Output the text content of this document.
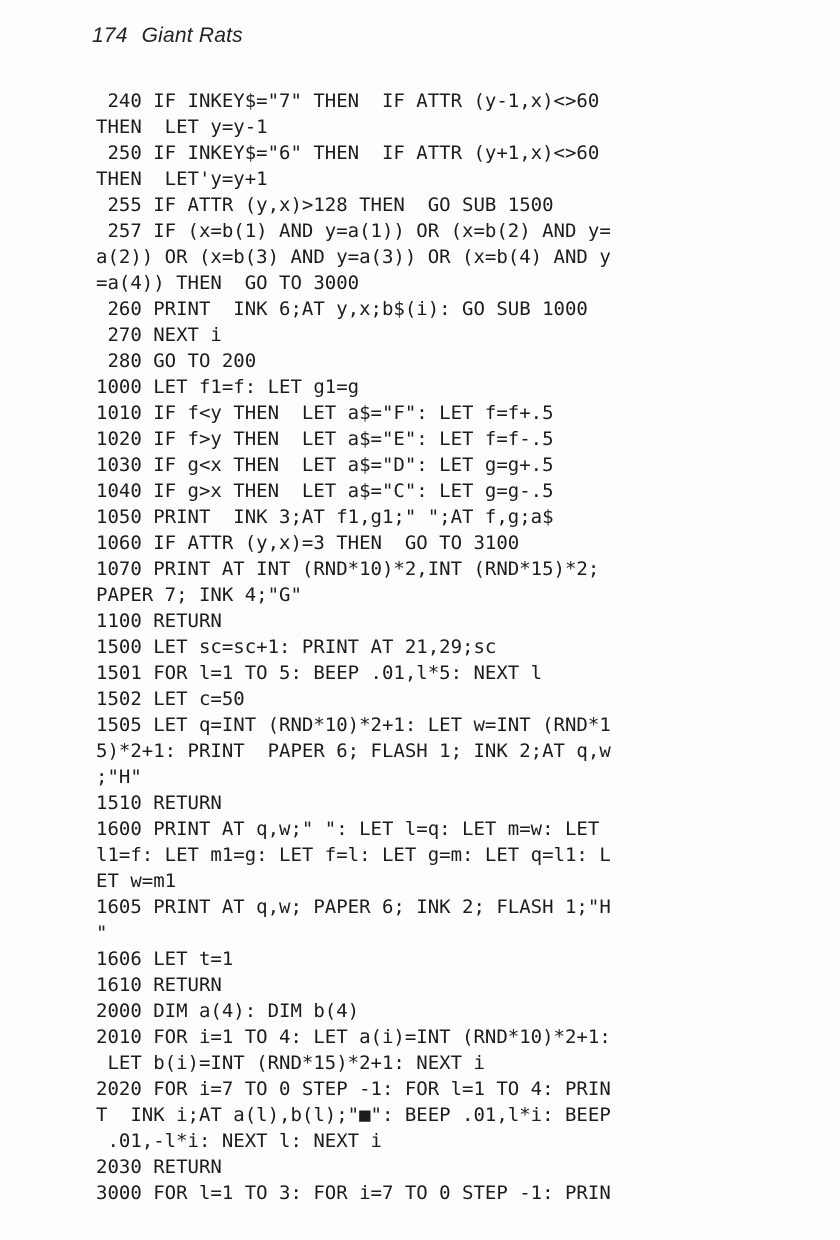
174 Giant Rats
240 IF INKEY$="7" THEN  IF ATTR (y-1,x)<>60
THEN  LET y=y-1
250 IF INKEY$="6" THEN  IF ATTR (y+1,x)<>60
THEN  LET'y=y+1
255 IF ATTR (y,x)>128 THEN  GO SUB 1500
257 IF (x=b(1) AND y=a(1)) OR (x=b(2) AND y=
a(2)) OR (x=b(3) AND y=a(3)) OR (x=b(4) AND y
=a(4)) THEN  GO TO 3000
260 PRINT  INK 6;AT y,x;b$(i): GO SUB 1000
270 NEXT i
280 GO TO 200
1000 LET f1=f: LET g1=g
1010 IF f<y THEN  LET a$="F": LET f=f+.5
1020 IF f>y THEN  LET a$="E": LET f=f-.5
1030 IF g<x THEN  LET a$="D": LET g=g+.5
1040 IF g>x THEN  LET a$="C": LET g=g-.5
1050 PRINT  INK 3;AT f1,g1;" ";AT f,g;a$
1060 IF ATTR (y,x)=3 THEN  GO TO 3100
1070 PRINT AT INT (RND*10)*2,INT (RND*15)*2;
PAPER 7; INK 4;"G"
1100 RETURN
1500 LET sc=sc+1: PRINT AT 21,29;sc
1501 FOR l=1 TO 5: BEEP .01,l*5: NEXT l
1502 LET c=50
1505 LET q=INT (RND*10)*2+1: LET w=INT (RND*1
5)*2+1: PRINT  PAPER 6; FLASH 1; INK 2;AT q,w
;"H"
1510 RETURN
1600 PRINT AT q,w;" ": LET l=q: LET m=w: LET
l1=f: LET m1=g: LET f=l: LET g=m: LET q=l1: L
ET w=m1
1605 PRINT AT q,w; PAPER 6; INK 2; FLASH 1;"H
"
1606 LET t=1
1610 RETURN
2000 DIM a(4): DIM b(4)
2010 FOR i=1 TO 4: LET a(i)=INT (RND*10)*2+1:
LET b(i)=INT (RND*15)*2+1: NEXT i
2020 FOR i=7 TO 0 STEP -1: FOR l=1 TO 4: PRIN
T  INK i;AT a(l),b(l);"■": BEEP .01,l*i: BEEP
.01,-l*i: NEXT l: NEXT i
2030 RETURN
3000 FOR l=1 TO 3: FOR i=7 TO 0 STEP -1: PRIN
